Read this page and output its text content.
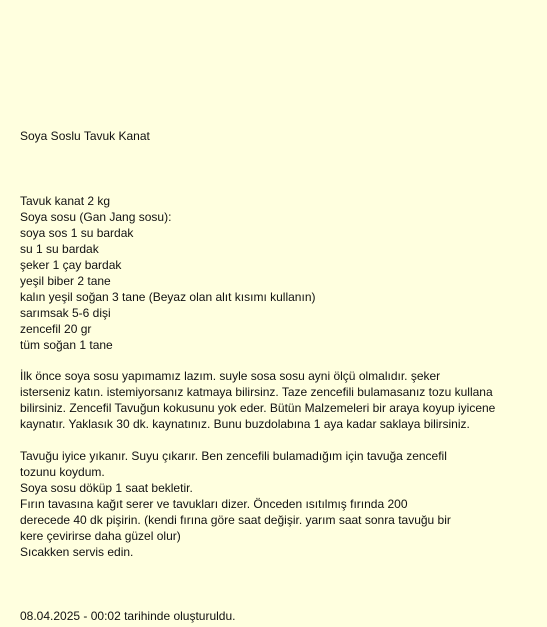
Soya Soslu Tavuk Kanat
Tavuk kanat 2 kg
Soya sosu (Gan Jang sosu):
soya sos 1 su bardak
su 1 su bardak
şeker 1 çay bardak
yeşil biber 2 tane
kalın yeşil soğan 3 tane (Beyaz olan alıt kısımı kullanın)
sarımsak 5-6 dişi
zencefil 20 gr
tüm soğan 1 tane

İlk önce soya sosu yapımamız lazım. suyle sosa sosu ayni ölçü olmalıdır. şeker
isterseniz katın. istemiyorsanız katmaya bilirsinz. Taze zencefili bulamasanız tozu kullana
bilirsiniz. Zencefil Tavuğun kokusunu yok eder. Bütün Malzemeleri bir araya koyup iyicene
kaynatır. Yaklasık 30 dk. kaynatınız. Bunu buzdolabına 1 aya kadar saklaya bilirsiniz.

Tavuğu iyice yıkanır. Suyu çıkarır. Ben zencefili bulamadığım için tavuğa zencefil
tozunu koydum.
Soya sosu döküp 1 saat bekletir.
Fırın tavasına kağıt serer ve tavukları dizer. Önceden ısıtılmış fırında 200
derecede 40 dk pişirin. (kendi fırına göre saat değişir. yarım saat sonra tavuğu bir
kere çevirirse daha güzel olur)
Sıcakken servis edin.

08.04.2025 - 00:02 tarihinde oluşturuldu.
